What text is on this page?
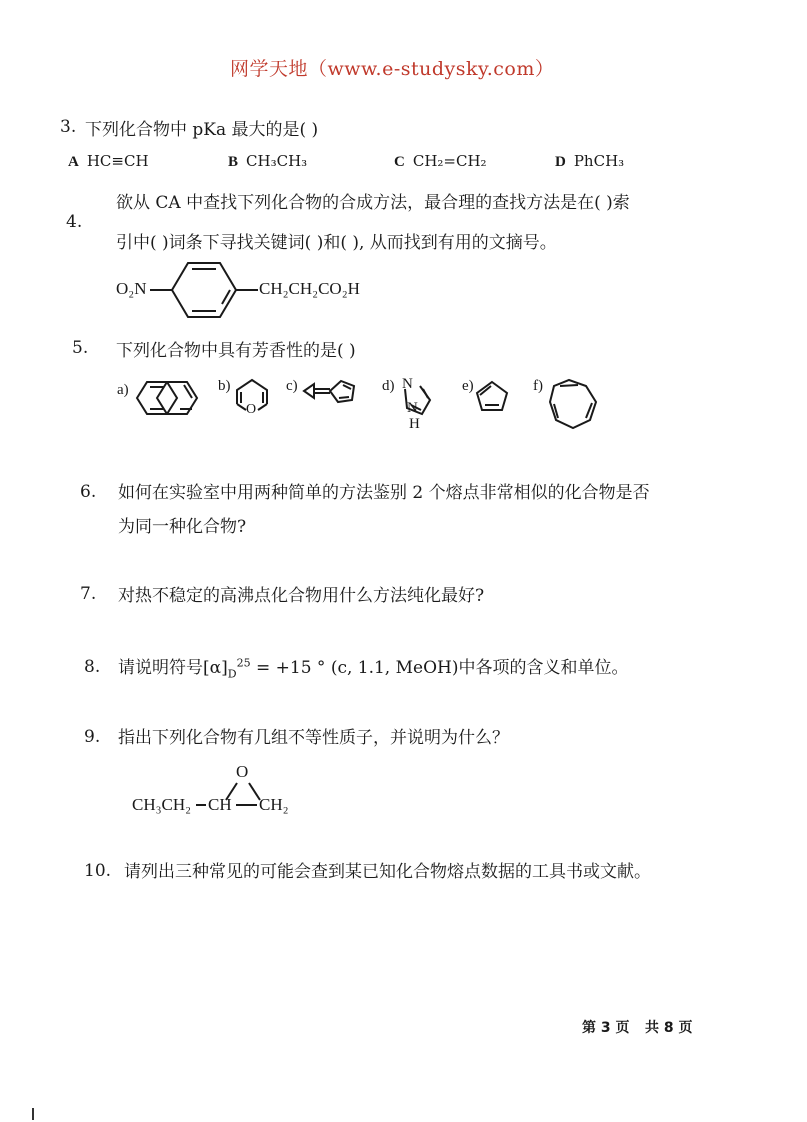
网学天地（www.e-studysky.com）
3. 下列化合物中 pKa 最大的是( )
A HC≡CH	B CH₃CH₃	C CH₂=CH₂	D PhCH₃
4.
欲从 CA 中查找下列化合物的合成方法，最合理的查找方法是在( )索
引中( )词条下寻找关键词( )和( ), 从而找到有用的文摘号。
O₂N	CH₂CH₂CO₂H
5. 下列化合物中具有芳香性的是( )
a)	b)	c)	d)	e)	f)
N
N
H
O
6. 如何在实验室中用两种简单的方法鉴别 2 个熔点非常相似的化合物是否
为同一种化合物?
7. 对热不稳定的高沸点化合物用什么方法纯化最好?
8. 请说明符号$[\alpha]_D^{25} = +15$ ° (c, 1.1, MeOH)中各项的含义和单位。
9. 指出下列化合物有几组不等性质子，并说明为什么？
O
CH₃CH₂ CH CH₂
10. 请列出三种常见的可能会查到某已知化合物熔点数据的工具书或文献。
第 3 页 共 8 页
